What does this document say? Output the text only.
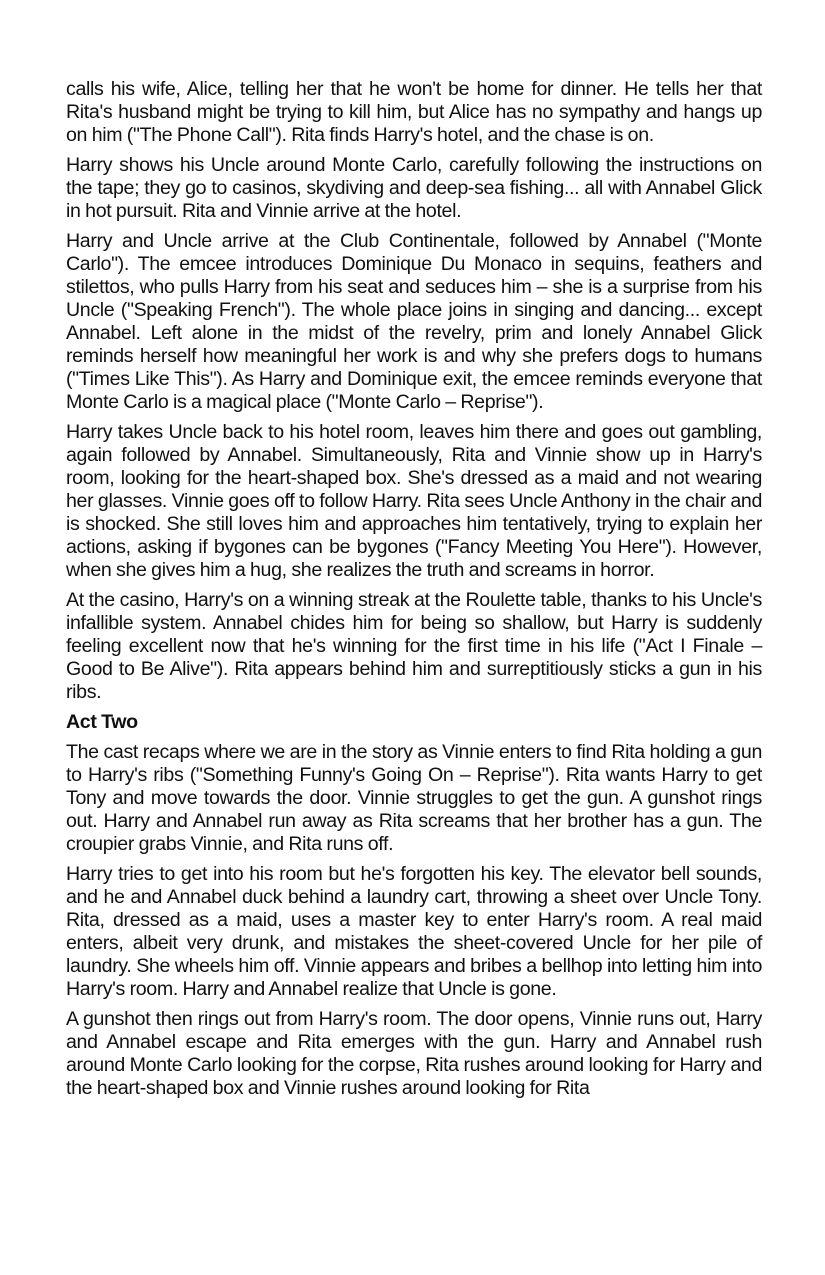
calls his wife, Alice, telling her that he won't be home for dinner. He tells her that Rita's husband might be trying to kill him, but Alice has no sympathy and hangs up on him ("The Phone Call"). Rita finds Harry's hotel, and the chase is on.

Harry shows his Uncle around Monte Carlo, carefully following the instructions on the tape; they go to casinos, skydiving and deep-sea fishing... all with Annabel Glick in hot pursuit. Rita and Vinnie arrive at the hotel.

Harry and Uncle arrive at the Club Continentale, followed by Annabel ("Monte Carlo"). The emcee introduces Dominique Du Monaco in sequins, feathers and stilettos, who pulls Harry from his seat and seduces him – she is a surprise from his Uncle ("Speaking French"). The whole place joins in singing and dancing... except Annabel. Left alone in the midst of the revelry, prim and lonely Annabel Glick reminds herself how meaningful her work is and why she prefers dogs to humans ("Times Like This"). As Harry and Dominique exit, the emcee reminds everyone that Monte Carlo is a magical place ("Monte Carlo – Reprise").

Harry takes Uncle back to his hotel room, leaves him there and goes out gambling, again followed by Annabel. Simultaneously, Rita and Vinnie show up in Harry's room, looking for the heart-shaped box. She's dressed as a maid and not wearing her glasses. Vinnie goes off to follow Harry. Rita sees Uncle Anthony in the chair and is shocked. She still loves him and approaches him tentatively, trying to explain her actions, asking if bygones can be bygones ("Fancy Meeting You Here"). However, when she gives him a hug, she realizes the truth and screams in horror.

At the casino, Harry's on a winning streak at the Roulette table, thanks to his Uncle's infallible system. Annabel chides him for being so shallow, but Harry is suddenly feeling excellent now that he's winning for the first time in his life ("Act I Finale – Good to Be Alive"). Rita appears behind him and surreptitiously sticks a gun in his ribs.

Act Two

The cast recaps where we are in the story as Vinnie enters to find Rita holding a gun to Harry's ribs ("Something Funny's Going On – Reprise"). Rita wants Harry to get Tony and move towards the door. Vinnie struggles to get the gun. A gunshot rings out. Harry and Annabel run away as Rita screams that her brother has a gun. The croupier grabs Vinnie, and Rita runs off.

Harry tries to get into his room but he's forgotten his key. The elevator bell sounds, and he and Annabel duck behind a laundry cart, throwing a sheet over Uncle Tony. Rita, dressed as a maid, uses a master key to enter Harry's room. A real maid enters, albeit very drunk, and mistakes the sheet-covered Uncle for her pile of laundry. She wheels him off. Vinnie appears and bribes a bellhop into letting him into Harry's room. Harry and Annabel realize that Uncle is gone.

A gunshot then rings out from Harry's room. The door opens, Vinnie runs out, Harry and Annabel escape and Rita emerges with the gun. Harry and Annabel rush around Monte Carlo looking for the corpse, Rita rushes around looking for Harry and the heart-shaped box and Vinnie rushes around looking for Rita
